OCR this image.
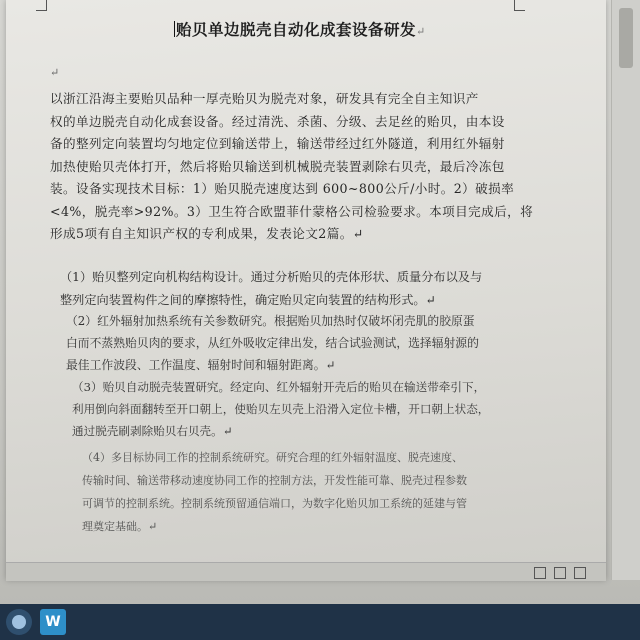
贻贝单边脱壳自动化成套设备研发↵
↵

以浙江沿海主要贻贝品种一厚壳贻贝为脱壳对象，研发具有完全自主知识产
权的单边脱壳自动化成套设备。经过清洗、杀菌、分级、去足丝的贻贝，由本设
备的整列定向装置均匀地定位到输送带上，输送带经过红外隧道，利用红外辐射
加热使贻贝壳体打开，然后将贻贝输送到机械脱壳装置剥除右贝壳，最后冷冻包
装。设备实现技术目标：1）贻贝脱壳速度达到 600~800公斤/小时。2）破损率
<4%，脱壳率>92%。3）卫生符合欧盟菲什蒙格公司检验要求。本项目完成后，将
形成5项有自主知识产权的专利成果，发表论文2篇。↵

（1）贻贝整列定向机构结构设计。通过分析贻贝的壳体形状、质量分布以及与
整列定向装置构件之间的摩擦特性，确定贻贝定向装置的结构形式。↵

（2）红外辐射加热系统有关参数研究。根据贻贝加热时仅破坏闭壳肌的胶原蛋
白而不蒸熟贻贝肉的要求，从红外吸收定律出发，结合试验测试，选择辐射源的
最佳工作波段、工作温度、辐射时间和辐射距离。↵

（3）贻贝自动脱壳装置研究。经定向、红外辐射开壳后的贻贝在输送带牵引下，
利用倒向斜面翻转至开口朝上，使贻贝左贝壳上沿滑入定位卡槽，开口朝上状态，
通过脱壳刷剥除贻贝右贝壳。↵

（4）多目标协同工作的控制系统研究。研究合理的红外辐射温度、脱壳速度、
传输时间、输送带移动速度协同工作的控制方法，开发性能可靠、脱壳过程参数
可调节的控制系统。控制系统预留通信端口，为数字化贻贝加工系统的延建与管
理奠定基础。↵

W
